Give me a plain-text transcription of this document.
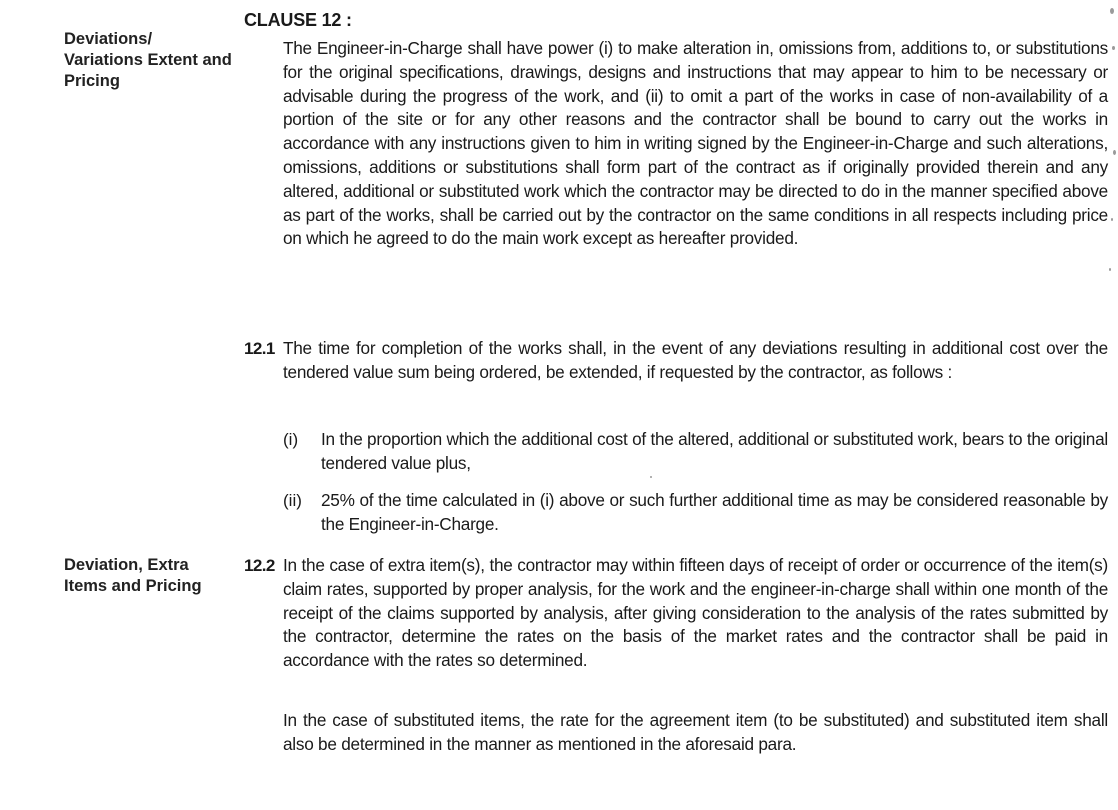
Deviations/ Variations Extent and Pricing
CLAUSE 12 :

The Engineer-in-Charge shall have power (i) to make alteration in, omissions from, additions to, or substitutions for the original specifications, drawings, designs and instructions that may appear to him to be necessary or advisable during the progress of the work, and (ii) to omit a part of the works in case of non-availability of a portion of the site or for any other reasons and the contractor shall be bound to carry out the works in accordance with any instructions given to him in writing signed by the Engineer-in-Charge and such alterations, omissions, additions or substitutions shall form part of the contract as if originally provided therein and any altered, additional or substituted work which the contractor may be directed to do in the manner specified above as part of the works, shall be carried out by the contractor on the same conditions in all respects including price on which he agreed to do the main work except as hereafter provided.

12.1 The time for completion of the works shall, in the event of any deviations resulting in additional cost over the tendered value sum being ordered, be extended, if requested by the contractor, as follows :

(i) In the proportion which the additional cost of the altered, additional or substituted work, bears to the original tendered value plus,

(ii) 25% of the time calculated in (i) above or such further additional time as may be considered reasonable by the Engineer-in-Charge.

Deviation, Extra Items and Pricing
12.2 In the case of extra item(s), the contractor may within fifteen days of receipt of order or occurrence of the item(s) claim rates, supported by proper analysis, for the work and the engineer-in-charge shall within one month of the receipt of the claims supported by analysis, after giving consideration to the analysis of the rates submitted by the contractor, determine the rates on the basis of the market rates and the contractor shall be paid in accordance with the rates so determined.

In the case of substituted items, the rate for the agreement item (to be substituted) and substituted item shall also be determined in the manner as mentioned in the aforesaid para.
